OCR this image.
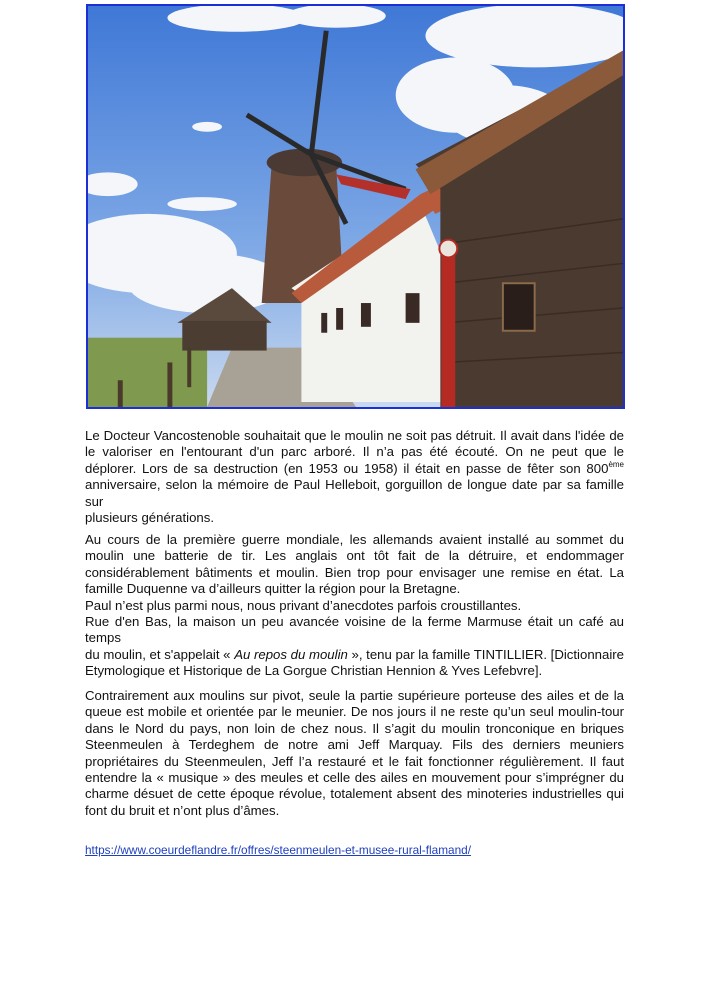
Le Docteur Vancostenoble souhaitait que le moulin ne soit pas détruit. Il avait dans l'idée de
le valoriser en l'entourant d'un parc arboré. Il n’a pas été écouté. On ne peut que le
déplorer. Lors de sa destruction (en 1953 ou 1958) il était en passe de fêter son 800ème
anniversaire, selon la mémoire de Paul Helleboit, gorguillon de longue date par sa famille sur
plusieurs générations.
Au cours de la première guerre mondiale, les allemands avaient installé au sommet du
moulin une batterie de tir. Les anglais ont tôt fait de la détruire, et endommager
considérablement bâtiments et moulin. Bien trop pour envisager une remise en état. La
famille Duquenne va d’ailleurs quitter la région pour la Bretagne.
Paul n’est plus parmi nous, nous privant d’anecdotes parfois croustillantes.
Rue d'en Bas, la maison un peu avancée voisine de la ferme Marmuse était un café au temps
du moulin, et s'appelait « Au repos du moulin », tenu par la famille TINTILLIER. [Dictionnaire
Etymologique et Historique de La Gorgue Christian Hennion & Yves Lefebvre].
Contrairement aux moulins sur pivot, seule la partie supérieure porteuse des ailes et de la
queue est mobile et orientée par le meunier. De nos jours il ne reste qu’un seul moulin-tour
dans le Nord du pays, non loin de chez nous. Il s’agit du moulin tronconique en briques
Steenmeulen à Terdeghem de notre ami Jeff Marquay. Fils des derniers meuniers
propriétaires du Steenmeulen, Jeff l’a restauré et le fait fonctionner régulièrement. Il faut
entendre la « musique » des meules et celle des ailes en mouvement pour s’imprégner du
charme désuet de cette époque révolue, totalement absent des minoteries industrielles qui
font du bruit et n’ont plus d’âmes.
https://www.coeurdeflandre.fr/offres/steenmeulen-et-musee-rural-flamand/
